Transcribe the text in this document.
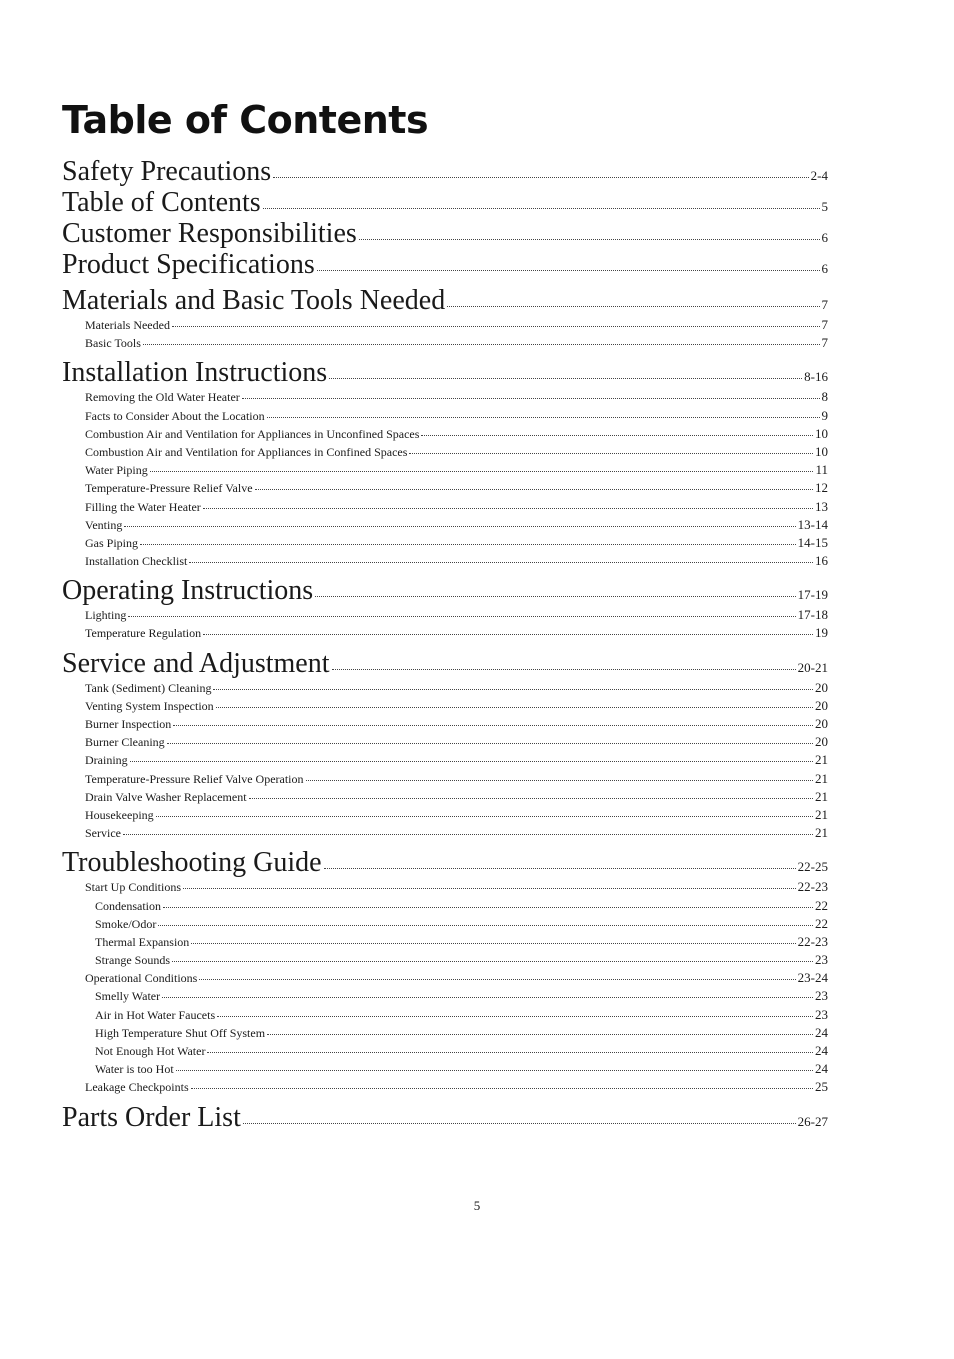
Table of Contents
Safety Precautions	2-4
Table of Contents	5
Customer Responsibilities	6
Product Specifications	6
Materials and Basic Tools Needed	7
Materials Needed	7
Basic Tools	7
Installation Instructions	8-16
Removing the Old Water Heater	8
Facts to Consider About the Location	9
Combustion Air and Ventilation for Appliances in Unconfined Spaces	10
Combustion Air and Ventilation for Appliances in Confined Spaces	10
Water Piping	11
Temperature-Pressure Relief Valve	12
Filling the Water Heater	13
Venting	13-14
Gas Piping	14-15
Installation Checklist	16
Operating Instructions	17-19
Lighting	17-18
Temperature Regulation	19
Service and Adjustment	20-21
Tank (Sediment) Cleaning	20
Venting System Inspection	20
Burner Inspection	20
Burner Cleaning	20
Draining	21
Temperature-Pressure Relief Valve Operation	21
Drain Valve Washer Replacement	21
Housekeeping	21
Service	21
Troubleshooting Guide	22-25
Start Up Conditions	22-23
Condensation	22
Smoke/Odor	22
Thermal Expansion	22-23
Strange Sounds	23
Operational Conditions	23-24
Smelly Water	23
Air in Hot Water Faucets	23
High Temperature Shut Off System	24
Not Enough Hot Water	24
Water is too Hot	24
Leakage Checkpoints	25
Parts Order List	26-27
5
